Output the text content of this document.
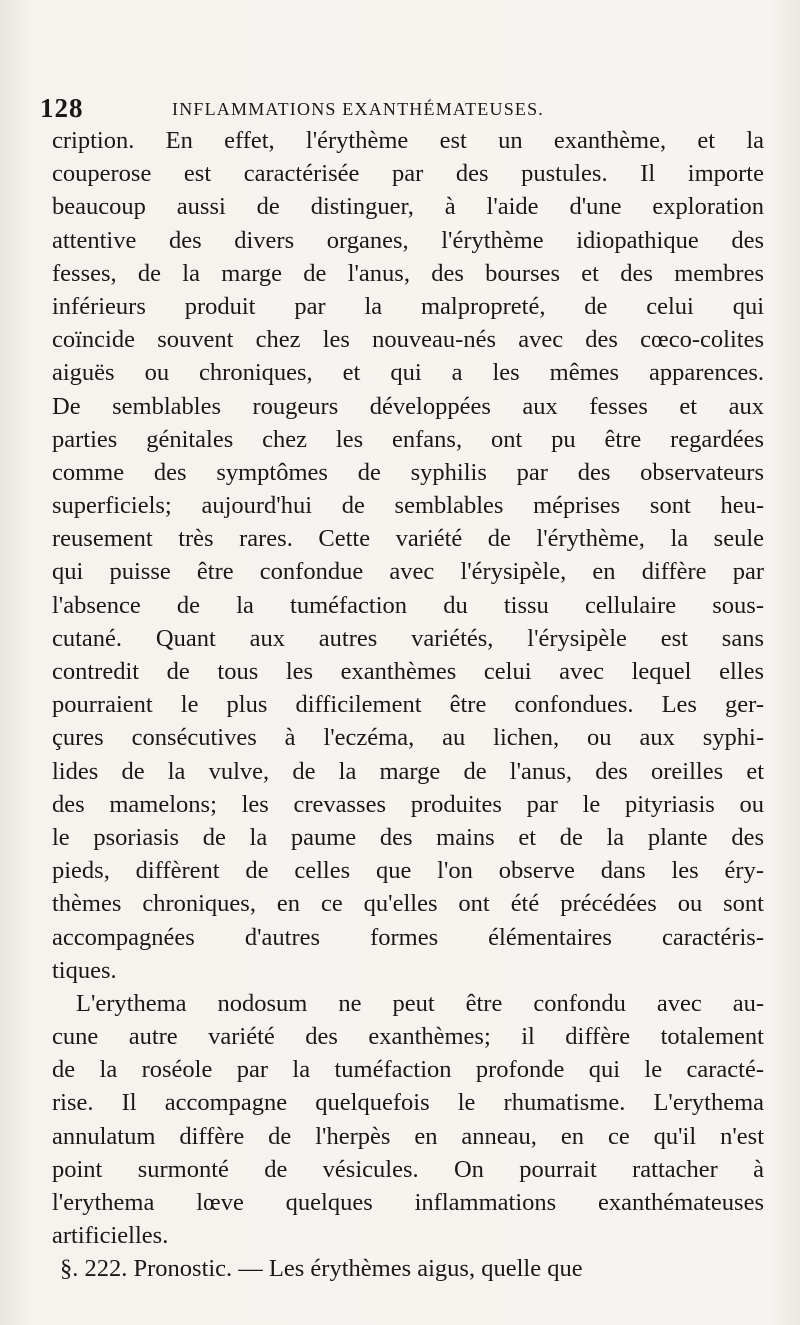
128	INFLAMMATIONS EXANTHÉMATEUSES.
cription. En effet, l'érythème est un exanthème, et la
couperose est caractérisée par des pustules. Il importe
beaucoup aussi de distinguer, à l'aide d'une exploration
attentive des divers organes, l'érythème idiopathique des
fesses, de la marge de l'anus, des bourses et des membres
inférieurs produit par la malpropreté, de celui qui
coïncide souvent chez les nouveau-nés avec des cœco-colites
aiguës ou chroniques, et qui a les mêmes apparences.
De semblables rougeurs développées aux fesses et aux
parties génitales chez les enfans, ont pu être regardées
comme des symptômes de syphilis par des observateurs
superficiels; aujourd'hui de semblables méprises sont heu-
reusement très rares. Cette variété de l'érythème, la seule
qui puisse être confondue avec l'érysipèle, en diffère par
l'absence de la tuméfaction du tissu cellulaire sous-
cutané. Quant aux autres variétés, l'érysipèle est sans
contredit de tous les exanthèmes celui avec lequel elles
pourraient le plus difficilement être confondues. Les ger-
çures consécutives à l'eczéma, au lichen, ou aux syphi-
lides de la vulve, de la marge de l'anus, des oreilles et
des mamelons; les crevasses produites par le pityriasis ou
le psoriasis de la paume des mains et de la plante des
pieds, diffèrent de celles que l'on observe dans les éry-
thèmes chroniques, en ce qu'elles ont été précédées ou sont
accompagnées d'autres formes élémentaires caractéris-
tiques.
L'erythema nodosum ne peut être confondu avec au-
cune autre variété des exanthèmes; il diffère totalement
de la roséole par la tuméfaction profonde qui le caracté-
rise. Il accompagne quelquefois le rhumatisme. L'erythema
annulatum diffère de l'herpès en anneau, en ce qu'il n'est
point surmonté de vésicules. On pourrait rattacher à
l'erythema lœve quelques inflammations exanthémateuses
artificielles.
§. 222. Pronostic. — Les érythèmes aigus, quelle que
